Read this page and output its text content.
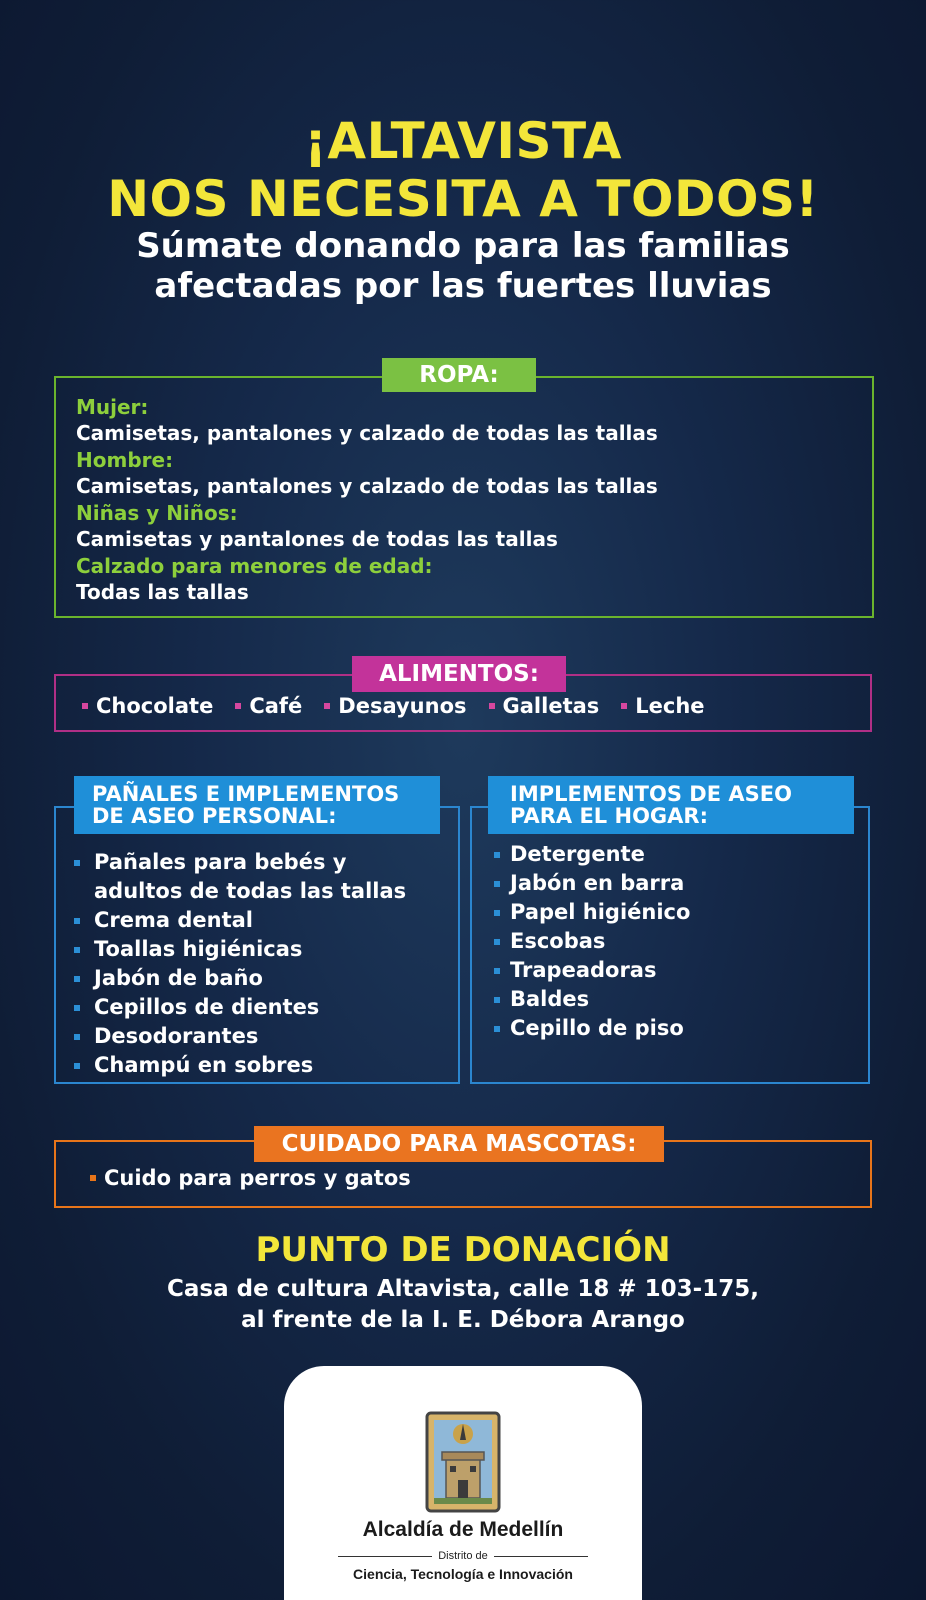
¡ALTAVISTA
NOS NECESITA A TODOS!
Súmate donando para las familias
afectadas por las fuertes lluvias
Mujer:
Camisetas, pantalones y calzado de todas las tallas
Hombre:
Camisetas, pantalones y calzado de todas las tallas
Niñas y Niños:
Camisetas y pantalones de todas las tallas
Calzado para menores de edad:
Todas las tallas
ROPA:
Chocolate Café Desayunos Galletas Leche
ALIMENTOS:
Pañales para bebés y
adultos de todas las tallas
Crema dental
Toallas higiénicas
Jabón de baño
Cepillos de dientes
Desodorantes
Champú en sobres
PAÑALES E IMPLEMENTOS
DE ASEO PERSONAL:
Detergente
Jabón en barra
Papel higiénico
Escobas
Trapeadoras
Baldes
Cepillo de piso
IMPLEMENTOS DE ASEO
PARA EL HOGAR:
Cuido para perros y gatos
CUIDADO PARA MASCOTAS:
PUNTO DE DONACIÓN
Casa de cultura Altavista, calle 18 # 103-175,
al frente de la I. E. Débora Arango
Alcaldía de Medellín
Distrito de
Ciencia, Tecnología e Innovación
